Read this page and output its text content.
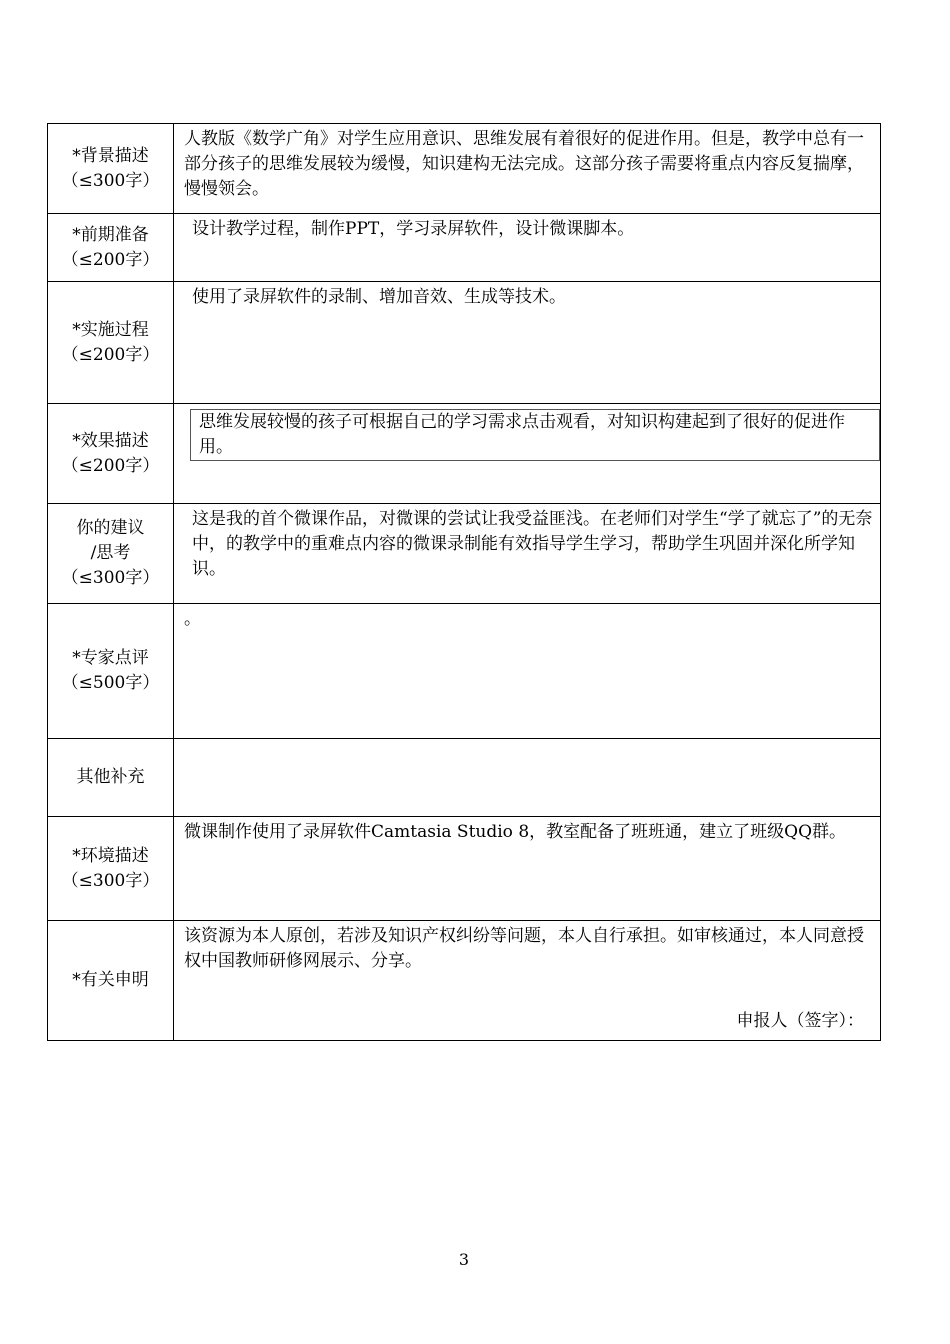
*背景描述
（≤300字）	人教版《数学广角》对学生应用意识、思维发展有着很好的促进作用。但是，教学中总有一部分孩子的思维发展较为缓慢，知识建构无法完成。这部分孩子需要将重点内容反复揣摩，慢慢领会。

*前期准备
（≤200字）	设计教学过程，制作PPT，学习录屏软件，设计微课脚本。

*实施过程
（≤200字）	使用了录屏软件的录制、增加音效、生成等技术。

*效果描述
（≤200字）	思维发展较慢的孩子可根据自己的学习需求点击观看，对知识构建起到了很好的促进作用。

你的建议
/思考
（≤300字）	这是我的首个微课作品，对微课的尝试让我受益匪浅。在老师们对学生“学了就忘了”的无奈中，的教学中的重难点内容的微课录制能有效指导学生学习，帮助学生巩固并深化所学知识。

*专家点评
（≤500字）	。

其他补充	

*环境描述
（≤300字）	微课制作使用了录屏软件Camtasia Studio 8，教室配备了班班通，建立了班级QQ群。

*有关申明	该资源为本人原创，若涉及知识产权纠纷等问题，本人自行承担。如审核通过，本人同意授权中国教师研修网展示、分享。
申报人（签字）：
3
